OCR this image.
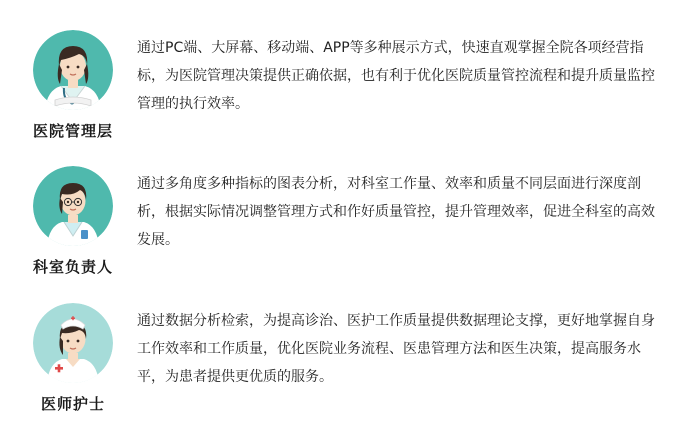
医院管理层

通过PC端、大屏幕、移动端、APP等多种展示方式，快速直观掌握全院各项经营指标，为医院管理决策提供正确依据，也有利于优化医院质量管控流程和提升质量监控管理的执行效率。

科室负责人

通过多角度多种指标的图表分析，对科室工作量、效率和质量不同层面进行深度剖析，根据实际情况调整管理方式和作好质量管控，提升管理效率，促进全科室的高效发展。

医师护士

通过数据分析检索，为提高诊治、医护工作质量提供数据理论支撑，更好地掌握自身工作效率和工作质量，优化医院业务流程、医患管理方法和医生决策，提高服务水平，为患者提供更优质的服务。
